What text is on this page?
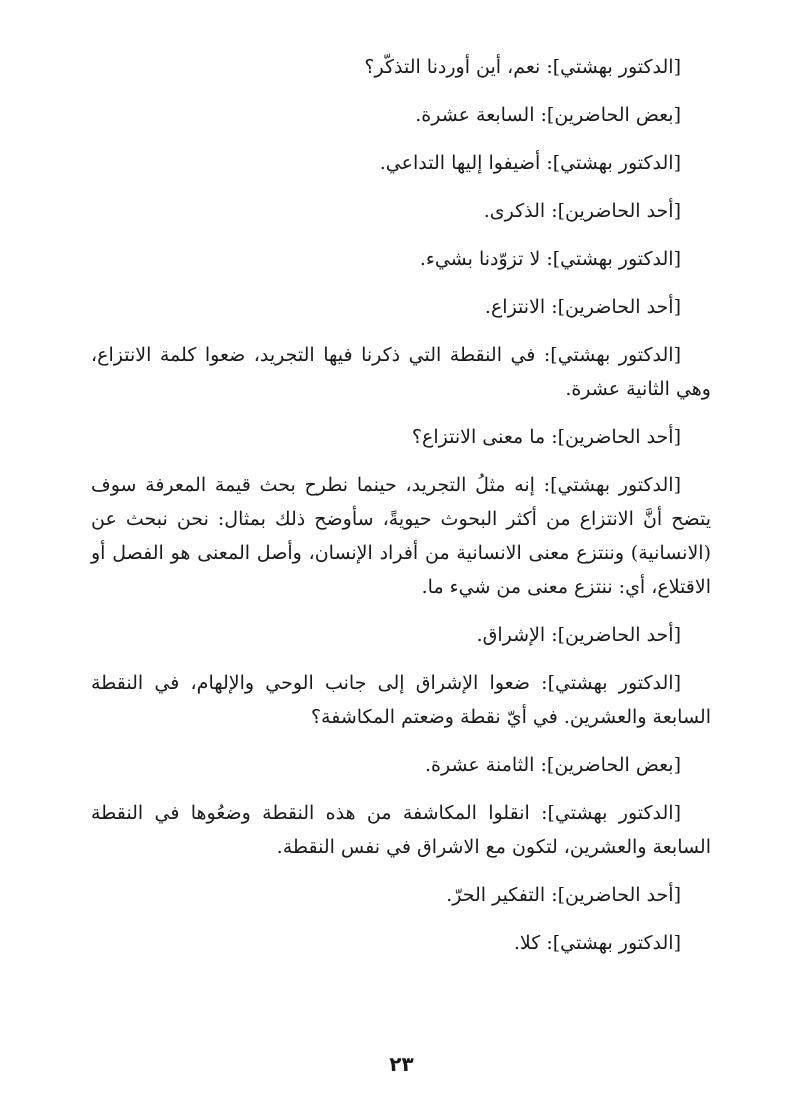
[الدكتور بهشتي]: نعم، أين أوردنا التذكّر؟

[بعض الحاضرين]: السابعة عشرة.

[الدكتور بهشتي]: أضيفوا إليها التداعي.

[أحد الحاضرين]: الذكرى.

[الدكتور بهشتي]: لا تزوّدنا بشيء.

[أحد الحاضرين]: الانتزاع.

[الدكتور بهشتي]: في النقطة التي ذكرنا فيها التجريد، ضعوا كلمة الانتزاع، وهي الثانية عشرة.

[أحد الحاضرين]: ما معنى الانتزاع؟

[الدكتور بهشتي]: إنه مثلُ التجريد، حينما نطرح بحث قيمة المعرفة سوف يتضح أنَّ الانتزاع من أكثر البحوث حيويةً، سأوضح ذلك بمثال: نحن نبحث عن (الانسانية) وننتزع معنى الانسانية من أفراد الإنسان، وأصل المعنى هو الفصل أو الاقتلاع، أي: ننتزع معنى من شيء ما.

[أحد الحاضرين]: الإشراق.

[الدكتور بهشتي]: ضعوا الإشراق إلى جانب الوحي والإلهام، في النقطة السابعة والعشرين. في أيّ نقطة وضعتم المكاشفة؟

[بعض الحاضرين]: الثامنة عشرة.

[الدكتور بهشتي]: انقلوا المكاشفة من هذه النقطة وضعُوها في النقطة السابعة والعشرين، لتكون مع الاشراق في نفس النقطة.

[أحد الحاضرين]: التفكير الحرّ.

[الدكتور بهشتي]: كلا.

٢٣
